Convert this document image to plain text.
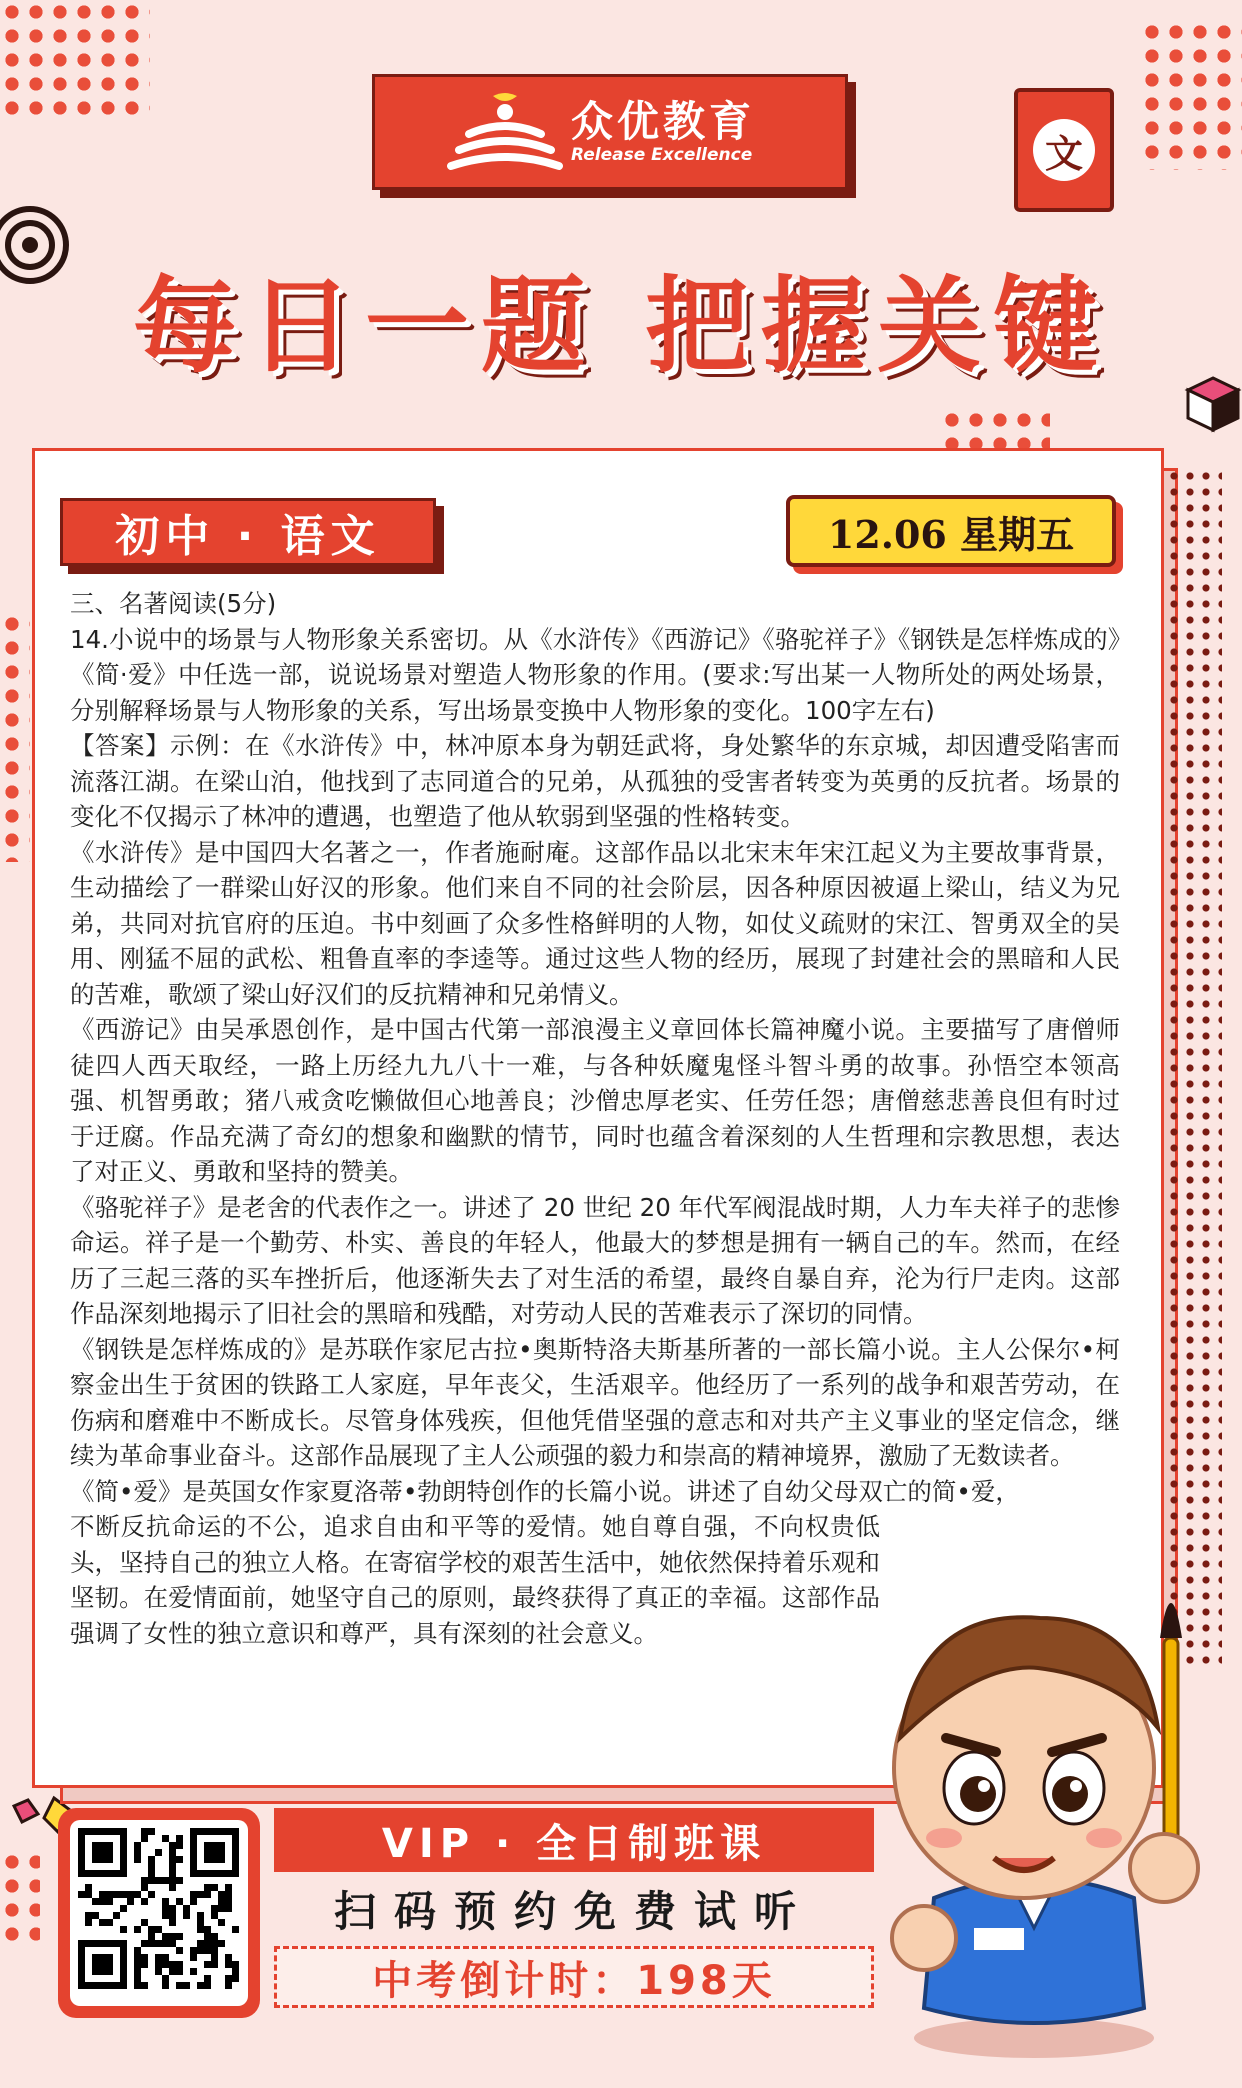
众优教育
Release Excellence	文
每日一题 把握关键
初中 · 语文	12.06 星期五

三、名著阅读(5分)

14.小说中的场景与人物形象关系密切。从《水浒传》《西游记》《骆驼祥子》《钢铁是怎样炼成的》《简·爱》中任选一部，说说场景对塑造人物形象的作用。(要求:写出某一人物所处的两处场景，分别解释场景与人物形象的关系，写出场景变换中人物形象的变化。100字左右)

【答案】示例：在《水浒传》中，林冲原本身为朝廷武将，身处繁华的东京城，却因遭受陷害而流落江湖。在梁山泊，他找到了志同道合的兄弟，从孤独的受害者转变为英勇的反抗者。场景的变化不仅揭示了林冲的遭遇，也塑造了他从软弱到坚强的性格转变。

《水浒传》是中国四大名著之一，作者施耐庵。这部作品以北宋末年宋江起义为主要故事背景，生动描绘了一群梁山好汉的形象。他们来自不同的社会阶层，因各种原因被逼上梁山，结义为兄弟，共同对抗官府的压迫。书中刻画了众多性格鲜明的人物，如仗义疏财的宋江、智勇双全的吴用、刚猛不屈的武松、粗鲁直率的李逵等。通过这些人物的经历，展现了封建社会的黑暗和人民的苦难，歌颂了梁山好汉们的反抗精神和兄弟情义。

《西游记》由吴承恩创作，是中国古代第一部浪漫主义章回体长篇神魔小说。主要描写了唐僧师徒四人西天取经，一路上历经九九八十一难，与各种妖魔鬼怪斗智斗勇的故事。孙悟空本领高强、机智勇敢；猪八戒贪吃懒做但心地善良；沙僧忠厚老实、任劳任怨；唐僧慈悲善良但有时过于迂腐。作品充满了奇幻的想象和幽默的情节，同时也蕴含着深刻的人生哲理和宗教思想，表达了对正义、勇敢和坚持的赞美。

《骆驼祥子》是老舍的代表作之一。讲述了 20 世纪 20 年代军阀混战时期，人力车夫祥子的悲惨命运。祥子是一个勤劳、朴实、善良的年轻人，他最大的梦想是拥有一辆自己的车。然而，在经历了三起三落的买车挫折后，他逐渐失去了对生活的希望，最终自暴自弃，沦为行尸走肉。这部作品深刻地揭示了旧社会的黑暗和残酷，对劳动人民的苦难表示了深切的同情。

《钢铁是怎样炼成的》是苏联作家尼古拉•奥斯特洛夫斯基所著的一部长篇小说。主人公保尔•柯察金出生于贫困的铁路工人家庭，早年丧父，生活艰辛。他经历了一系列的战争和艰苦劳动，在伤病和磨难中不断成长。尽管身体残疾，但他凭借坚强的意志和对共产主义事业的坚定信念，继续为革命事业奋斗。这部作品展现了主人公顽强的毅力和崇高的精神境界，激励了无数读者。

《简•爱》是英国女作家夏洛蒂•勃朗特创作的长篇小说。讲述了自幼父母双亡的简•爱，

不断反抗命运的不公，追求自由和平等的爱情。她自尊自强，不向权贵低头，坚持自己的独立人格。在寄宿学校的艰苦生活中，她依然保持着乐观和坚韧。在爱情面前，她坚守自己的原则，最终获得了真正的幸福。这部作品强调了女性的独立意识和尊严，具有深刻的社会意义。

VIP · 全日制班课
扫码预约免费试听
中考倒计时：198天
